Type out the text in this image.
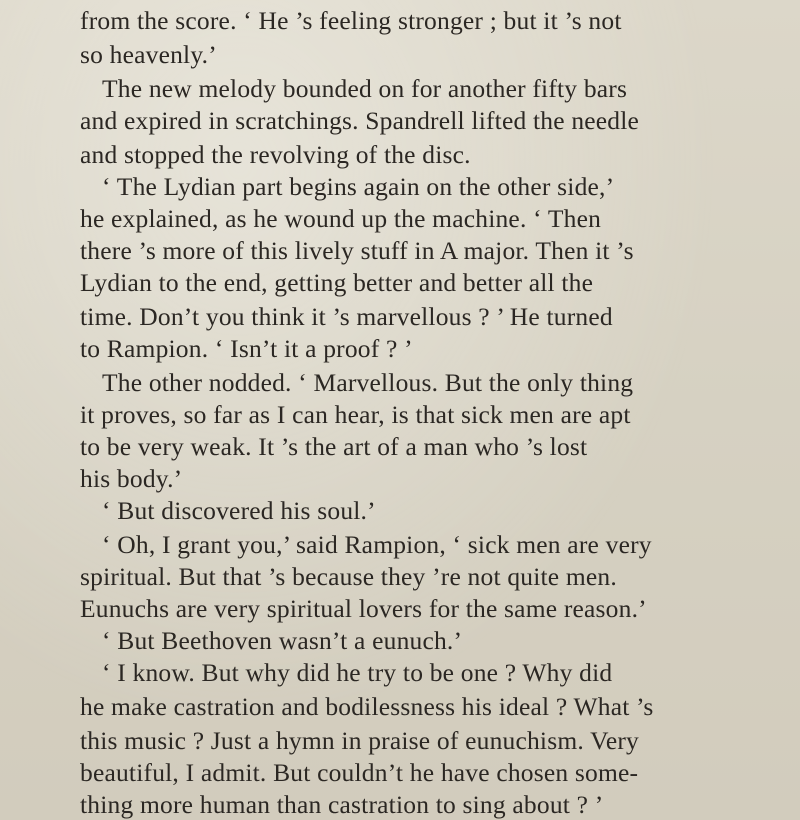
from the score. ‘ He ’s feeling stronger ; but it ’s not

so heavenly.’

The new melody bounded on for another fifty bars

and expired in scratchings. Spandrell lifted the needle

and stopped the revolving of the disc.

‘ The Lydian part begins again on the other side,’

he explained, as he wound up the machine. ‘ Then

there ’s more of this lively stuff in A major. Then it ’s

Lydian to the end, getting better and better all the

time. Don’t you think it ’s marvellous ? ’ He turned

to Rampion. ‘ Isn’t it a proof ? ’

The other nodded. ‘ Marvellous. But the only thing

it proves, so far as I can hear, is that sick men are apt

to be very weak. It ’s the art of a man who ’s lost

his body.’

‘ But discovered his soul.’

‘ Oh, I grant you,’ said Rampion, ‘ sick men are very

spiritual. But that ’s because they ’re not quite men.

Eunuchs are very spiritual lovers for the same reason.’

‘ But Beethoven wasn’t a eunuch.’

‘ I know. But why did he try to be one ? Why did

he make castration and bodilessness his ideal ? What ’s

this music ? Just a hymn in praise of eunuchism. Very

beautiful, I admit. But couldn’t he have chosen some-

thing more human than castration to sing about ? ’
